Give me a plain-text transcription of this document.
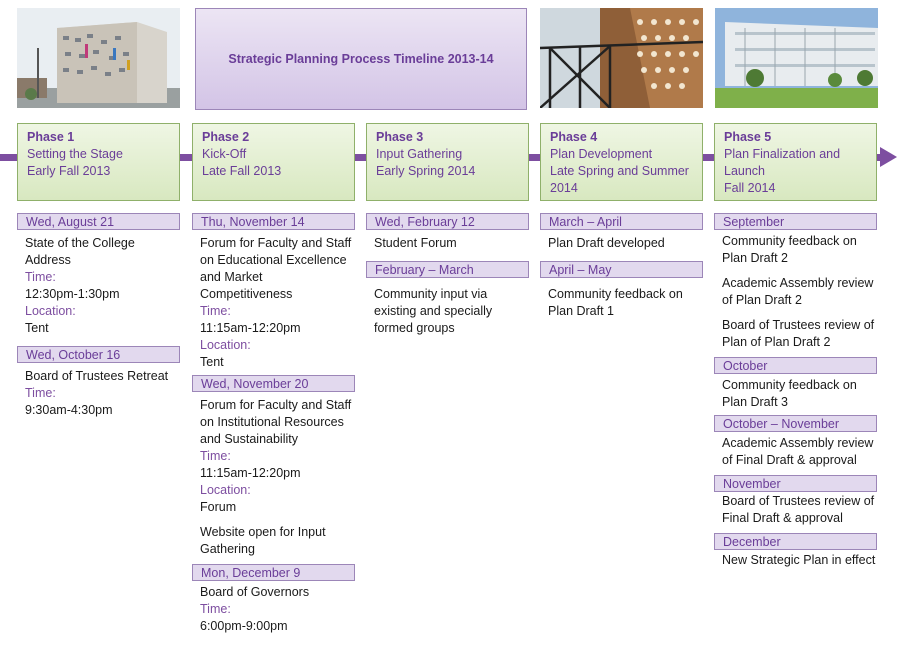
Strategic Planning Process Timeline 2013-14
Phase 1
Setting the Stage
Early Fall 2013
Phase 2
Kick-Off
Late Fall 2013
Phase 3
Input Gathering
Early Spring 2014
Phase 4
Plan Development
Late Spring and Summer
2014
Phase 5
Plan Finalization and
Launch
Fall 2014
Wed, August 21
State of the College Address
Time:
12:30pm-1:30pm
Location:
Tent
Wed, October 16
Board of Trustees Retreat
Time:
9:30am-4:30pm
Thu, November 14
Forum for Faculty and Staff on Educational Excellence and Market Competitiveness
Time:
11:15am-12:20pm
Location:
Tent
Wed, November 20
Forum for Faculty and Staff on Institutional Resources and Sustainability
Time:
11:15am-12:20pm
Location:
Forum
Website open for Input Gathering
Mon, December 9
Board of Governors
Time:
6:00pm-9:00pm
Wed, February 12
Student Forum
February – March
Community input via existing and specially formed groups
March – April
Plan Draft developed
April – May
Community feedback on Plan Draft 1
September
Community feedback on Plan Draft 2
Academic Assembly review of Plan Draft 2
Board of Trustees review of Plan of Plan Draft 2
October
Community feedback on Plan Draft 3
October – November
Academic Assembly review of Final Draft & approval
November
Board of Trustees review of Final Draft & approval
December
New Strategic Plan in effect
